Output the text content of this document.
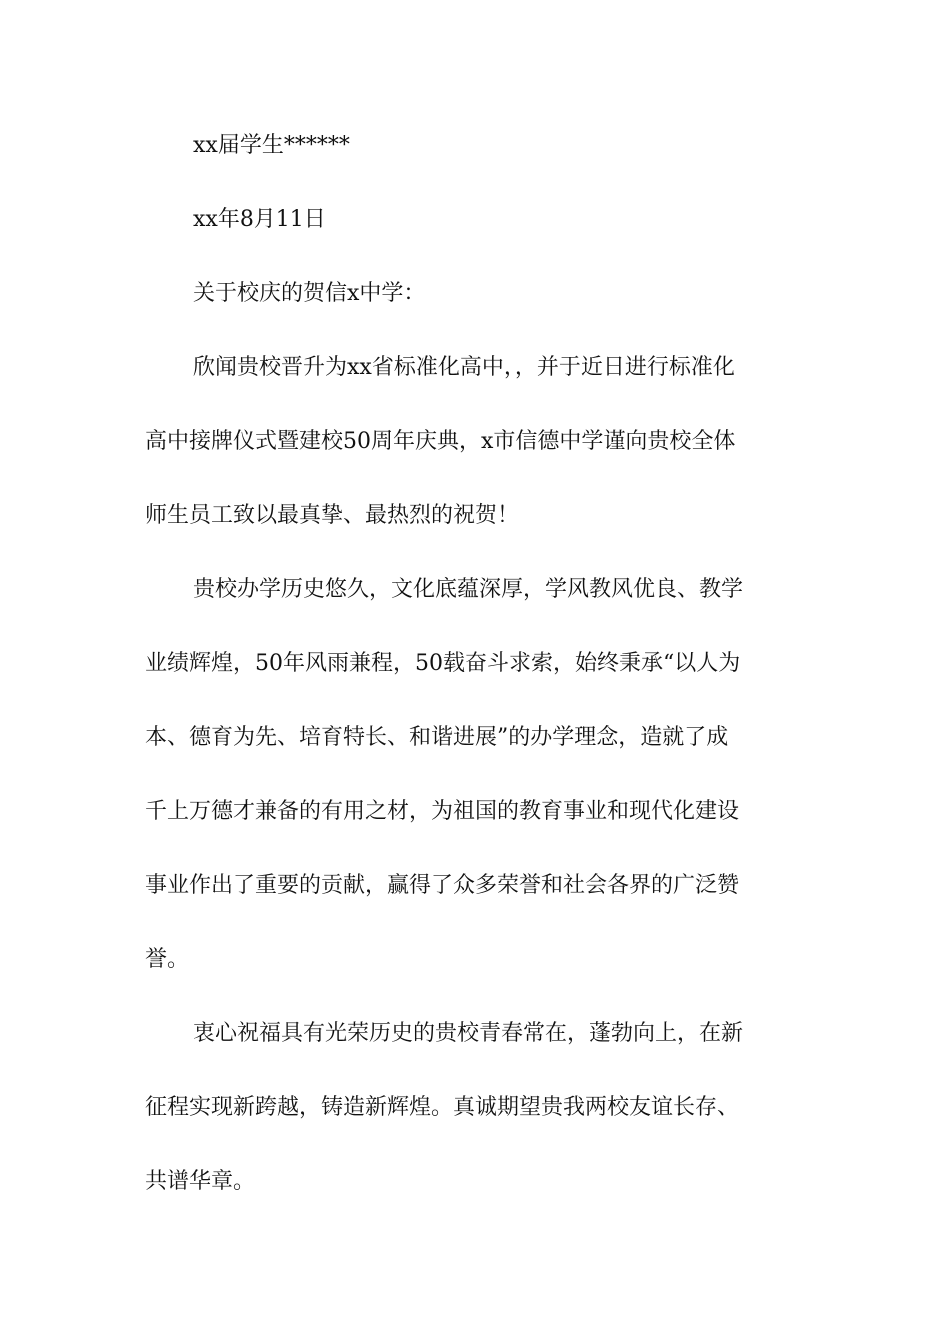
xx届学生******
xx年8月11日
关于校庆的贺信x中学：
欣闻贵校晋升为xx省标准化高中，，并于近日进行标准化
高中接牌仪式暨建校50周年庆典，x市信德中学谨向贵校全体
师生员工致以最真挚、最热烈的祝贺！
贵校办学历史悠久，文化底蕴深厚，学风教风优良、教学
业绩辉煌，50年风雨兼程，50载奋斗求索，始终秉承“以人为
本、德育为先、培育特长、和谐进展”的办学理念，造就了成
千上万德才兼备的有用之材，为祖国的教育事业和现代化建设
事业作出了重要的贡献，赢得了众多荣誉和社会各界的广泛赞
誉。
衷心祝福具有光荣历史的贵校青春常在，蓬勃向上，在新
征程实现新跨越，铸造新辉煌。真诚期望贵我两校友谊长存、
共谱华章。
